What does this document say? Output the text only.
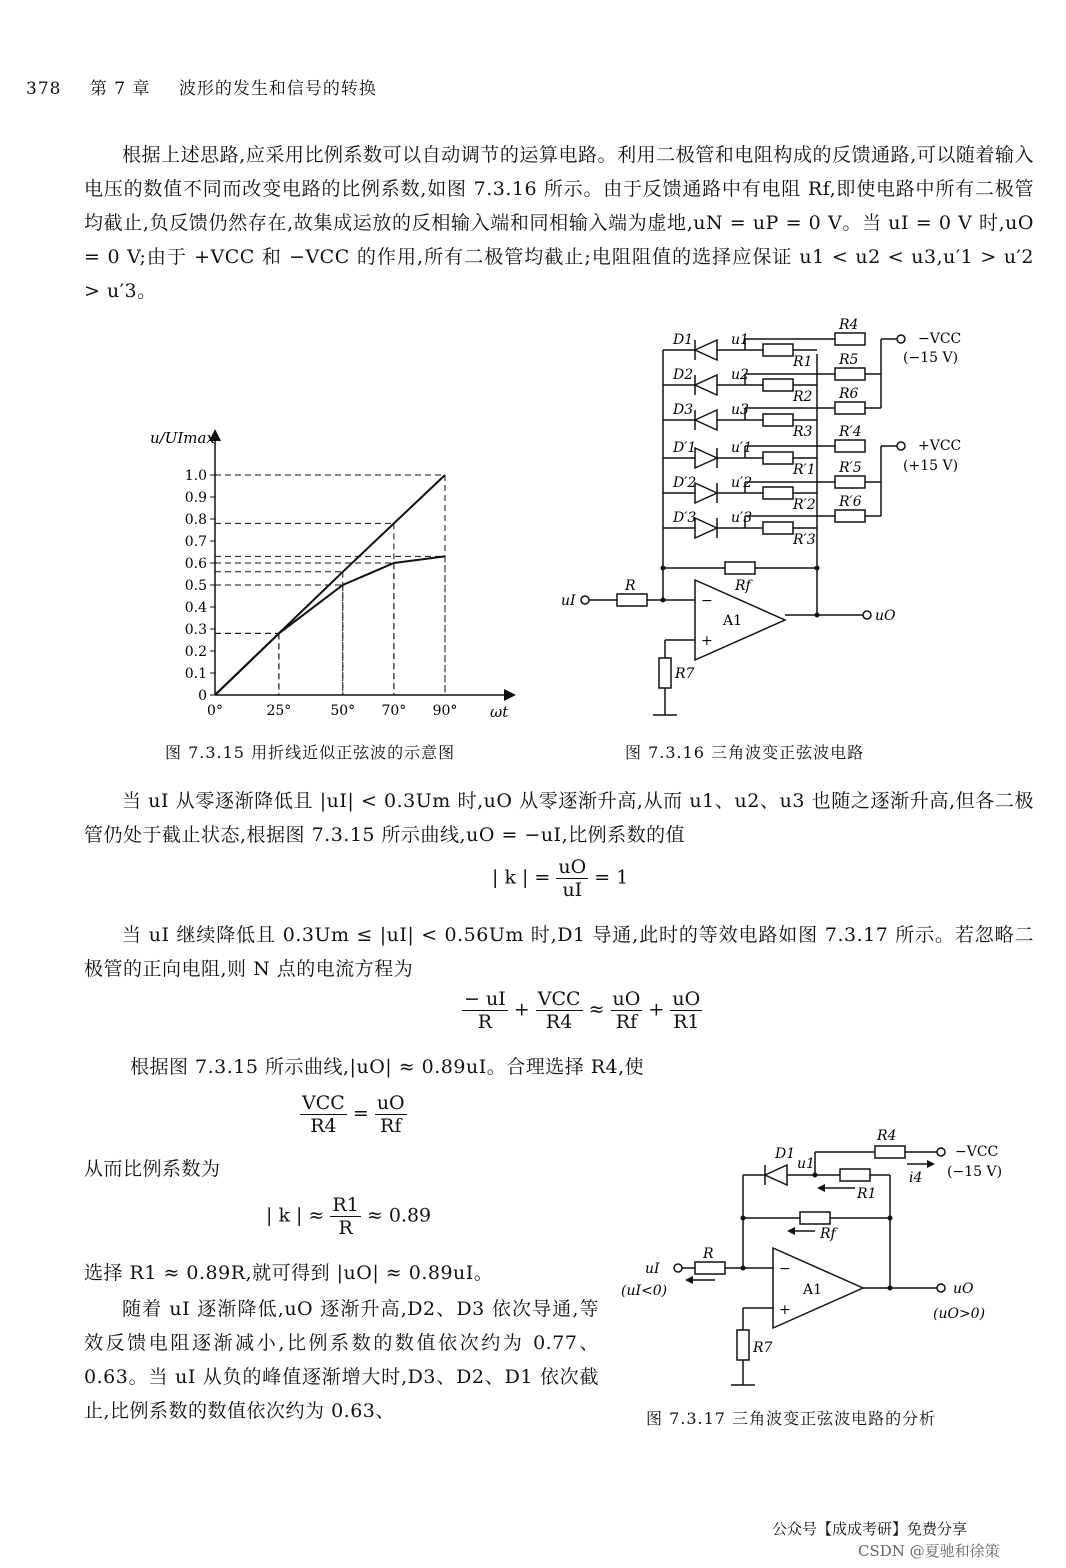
378 第 7 章 波形的发生和信号的转换
根据上述思路,应采用比例系数可以自动调节的运算电路。利用二极管和电阻构成的反馈通路,可以随着输入电压的数值不同而改变电路的比例系数,如图 7.3.16 所示。由于反馈通路中有电阻 Rf,即使电路中所有二极管均截止,负反馈仍然存在,故集成运放的反相输入端和同相输入端为虚地,uN = uP = 0 V。当 uI = 0 V 时,uO = 0 V;由于 +VCC 和 −VCC 的作用,所有二极管均截止;电阻阻值的选择应保证 u1 < u2 < u3,u′1 > u′2 > u′3。
u/UImax
ωt
0
0.1
0.2
0.3
0.4
0.5
0.6
0.7
0.8
0.9
1.0
0°	25°	50° 70° 90°
D1	u1
R1
R4
D2	u2
R2
R5
D3	u3
R3
R6
D′1 u′1
R′1
R′4
D′2 u′2
R′2
R′5
D′3 u′3
R′3
R′6
−VCC
(−15 V)
+VCC
(+15 V)
Rf
R
uI
uO
A1
−
+
R7
图 7.3.15 用折线近似正弦波的示意图	图 7.3.16 三角波变正弦波电路
当 uI 从零逐渐降低且 |uI| < 0.3Um 时,uO 从零逐渐升高,从而 u1、u2、u3 也随之逐渐升高,但各二极管仍处于截止状态,根据图 7.3.15 所示曲线,uO = −uI,比例系数的值
| k | = $\frac{uO}{uI} = 1$
当 uI 继续降低且 0.3Um ≤ |uI| < 0.56Um 时,D1 导通,此时的等效电路如图 7.3.17 所示。若忽略二极管的正向电阻,则 N 点的电流方程为
$\frac{- uI}{R} + \frac{\text{VCC}}{R4} \approx \frac{uO}{Rf} + \frac{uO}{R1}$
根据图 7.3.15 所示曲线,|uO| ≈ 0.89uI。合理选择 R4,使
$\frac{\text{VCC}}{R4} = \frac{uO}{Rf}$
从而比例系数为
| k | ≈ $\frac{R1}{R} \approx 0.89$
选择 R1 ≈ 0.89R,就可得到 |uO| ≈ 0.89uI。
随着 uI 逐渐降低,uO 逐渐升高,D2、D3 依次导通,等效反馈电阻逐渐减小,比例系数的数值依次约为 0.77、0.63。当 uI 从负的峰值逐渐增大时,D3、D2、D1 依次截止,比例系数的数值依次约为 0.63、
D1
u1
R4
R1
i4
−VCC
(−15 V)
Rf
R
uI
(uI<0)	uO
(uO>0)
A1
−
+
R7
图 7.3.17 三角波变正弦波电路的分析
公众号【成成考研】免费分享
CSDN @夏驰和徐策
